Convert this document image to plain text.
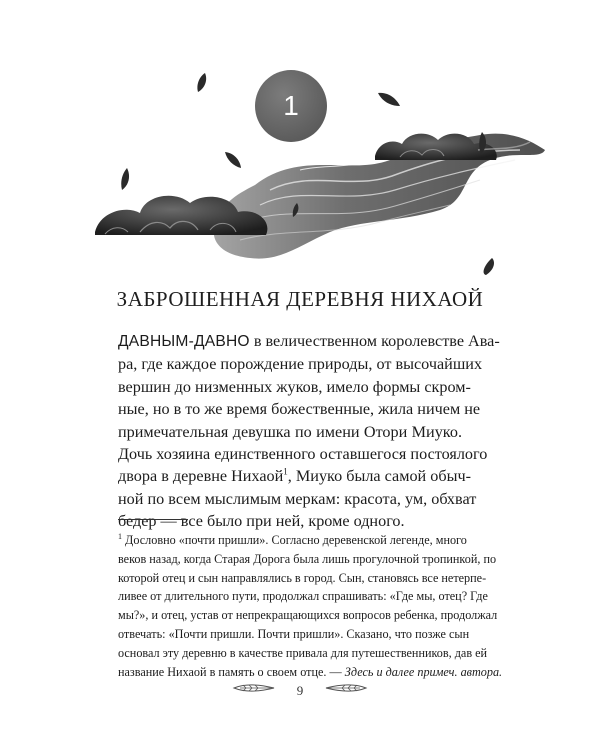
1
ЗАБРОШЕННАЯ ДЕРЕВНЯ НИХАОЙ
ДАВНЫМ-ДАВНО в величественном королевстве Ава-
ра, где каждое порождение природы, от высочайших
вершин до низменных жуков, имело формы скром-
ные, но в то же время божественные, жила ничем не
примечательная девушка по имени Отори Миуко.
Дочь хозяина единственного оставшегося постоялого
двора в деревне Нихаой$^1$, Миуко была самой обыч-
ной по всем мыслимым меркам: красота, ум, обхват
бедер — все было при ней, кроме одного.
$^1$ Дословно «почти пришли». Согласно деревенской легенде, много
веков назад, когда Старая Дорога была лишь прогулочной тропинкой, по
которой отец и сын направлялись в город. Сын, становясь все нетерпе-
ливее от длительного пути, продолжал спрашивать: «Где мы, отец? Где
мы?», и отец, устав от непрекращающихся вопросов ребенка, продолжал
отвечать: «Почти пришли. Почти пришли». Сказано, что позже сын
основал эту деревню в качестве привала для путешественников, дав ей
название Нихаой в память о своем отце. — Здесь и далее примеч. автора.
9
